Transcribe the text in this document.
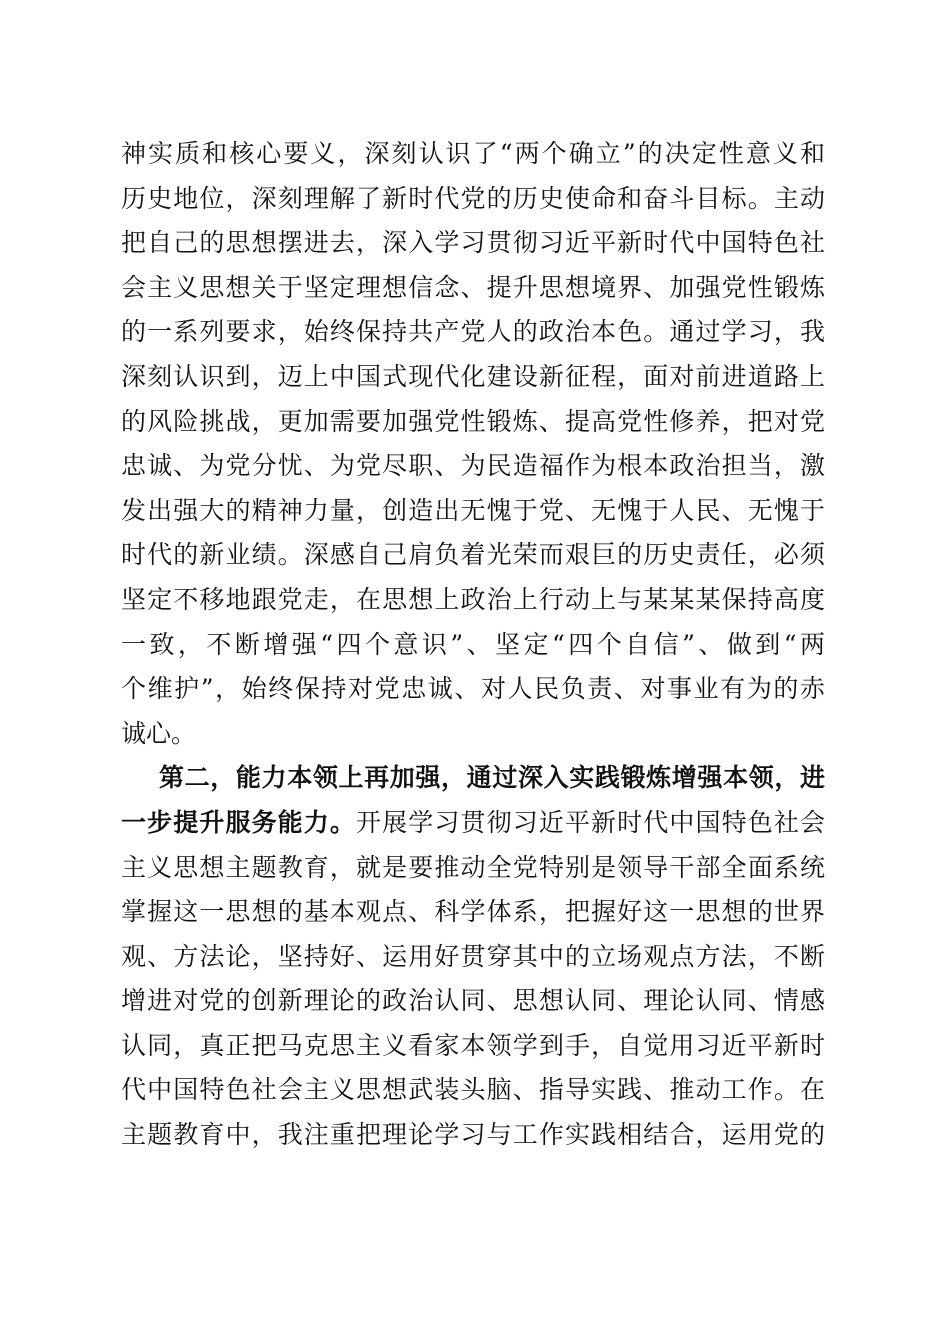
神实质和核心要义，深刻认识了“两个确立”的决定性意义和
历史地位，深刻理解了新时代党的历史使命和奋斗目标。主动
把自己的思想摆进去，深入学习贯彻习近平新时代中国特色社
会主义思想关于坚定理想信念、提升思想境界、加强党性锻炼
的一系列要求，始终保持共产党人的政治本色。通过学习，我
深刻认识到，迈上中国式现代化建设新征程，面对前进道路上
的风险挑战，更加需要加强党性锻炼、提高党性修养，把对党
忠诚、为党分忧、为党尽职、为民造福作为根本政治担当，激
发出强大的精神力量，创造出无愧于党、无愧于人民、无愧于
时代的新业绩。深感自己肩负着光荣而艰巨的历史责任，必须
坚定不移地跟党走，在思想上政治上行动上与某某某保持高度
一致，不断增强“四个意识”、坚定“四个自信”、做到“两
个维护”，始终保持对党忠诚、对人民负责、对事业有为的赤
诚心。
第二，能力本领上再加强，通过深入实践锻炼增强本领，进
一步提升服务能力。开展学习贯彻习近平新时代中国特色社会
主义思想主题教育，就是要推动全党特别是领导干部全面系统
掌握这一思想的基本观点、科学体系，把握好这一思想的世界
观、方法论，坚持好、运用好贯穿其中的立场观点方法，不断
增进对党的创新理论的政治认同、思想认同、理论认同、情感
认同，真正把马克思主义看家本领学到手，自觉用习近平新时
代中国特色社会主义思想武装头脑、指导实践、推动工作。在
主题教育中，我注重把理论学习与工作实践相结合，运用党的
